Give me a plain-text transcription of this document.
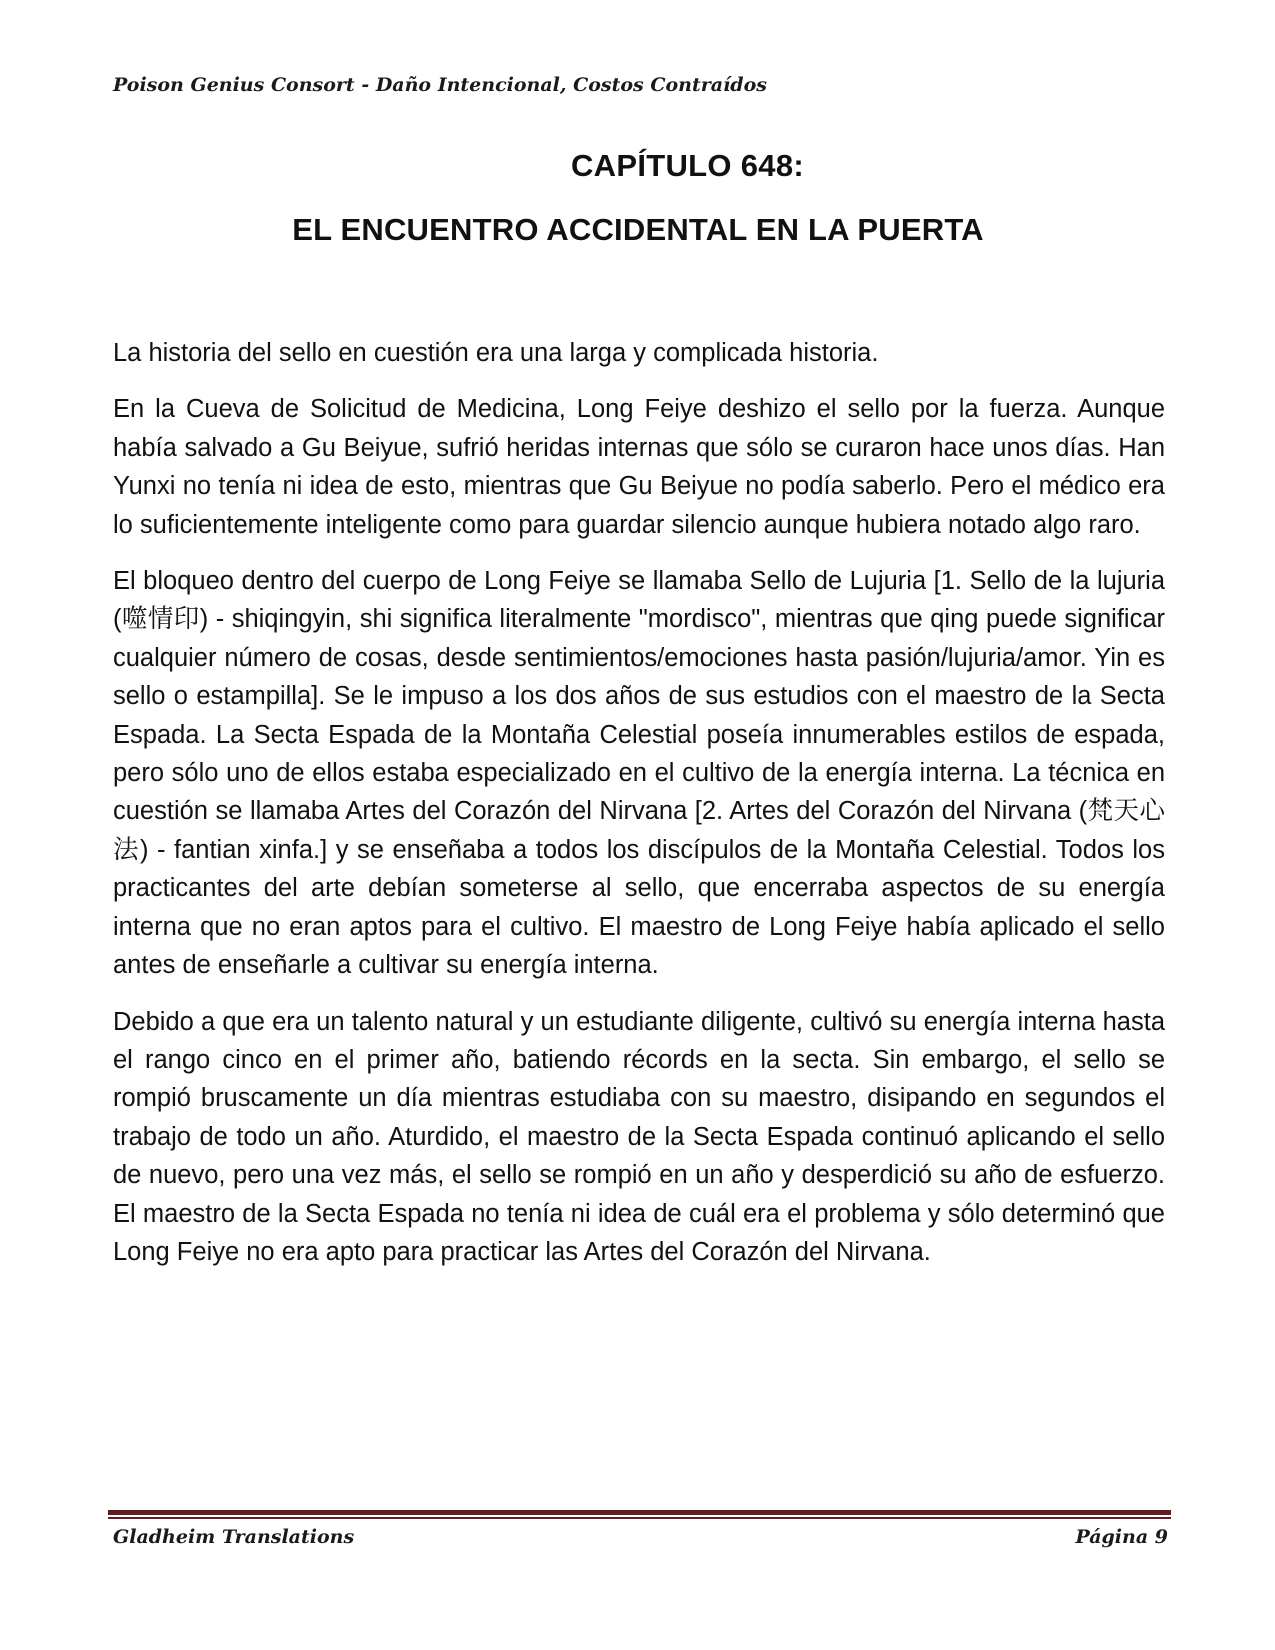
Poison Genius Consort - Daño Intencional, Costos Contraídos
CAPÍTULO 648:
EL ENCUENTRO ACCIDENTAL EN LA PUERTA

La historia del sello en cuestión era una larga y complicada historia.

En la Cueva de Solicitud de Medicina, Long Feiye deshizo el sello por la fuerza. Aunque había salvado a Gu Beiyue, sufrió heridas internas que sólo se curaron hace unos días. Han Yunxi no tenía ni idea de esto, mientras que Gu Beiyue no podía saberlo. Pero el médico era lo suficientemente inteligente como para guardar silencio aunque hubiera notado algo raro.

El bloqueo dentro del cuerpo de Long Feiye se llamaba Sello de Lujuria [1. Sello de la lujuria (噬情印) - shiqingyin, shi significa literalmente "mordisco", mientras que qing puede significar cualquier número de cosas, desde sentimientos/emociones hasta pasión/lujuria/amor. Yin es sello o estampilla]. Se le impuso a los dos años de sus estudios con el maestro de la Secta Espada. La Secta Espada de la Montaña Celestial poseía innumerables estilos de espada, pero sólo uno de ellos estaba especializado en el cultivo de la energía interna. La técnica en cuestión se llamaba Artes del Corazón del Nirvana [2. Artes del Corazón del Nirvana (梵天心法) - fantian xinfa.] y se enseñaba a todos los discípulos de la Montaña Celestial. Todos los practicantes del arte debían someterse al sello, que encerraba aspectos de su energía interna que no eran aptos para el cultivo. El maestro de Long Feiye había aplicado el sello antes de enseñarle a cultivar su energía interna.

Debido a que era un talento natural y un estudiante diligente, cultivó su energía interna hasta el rango cinco en el primer año, batiendo récords en la secta. Sin embargo, el sello se rompió bruscamente un día mientras estudiaba con su maestro, disipando en segundos el trabajo de todo un año. Aturdido, el maestro de la Secta Espada continuó aplicando el sello de nuevo, pero una vez más, el sello se rompió en un año y desperdició su año de esfuerzo. El maestro de la Secta Espada no tenía ni idea de cuál era el problema y sólo determinó que Long Feiye no era apto para practicar las Artes del Corazón del Nirvana.

Gladheim Translations	Página 9
